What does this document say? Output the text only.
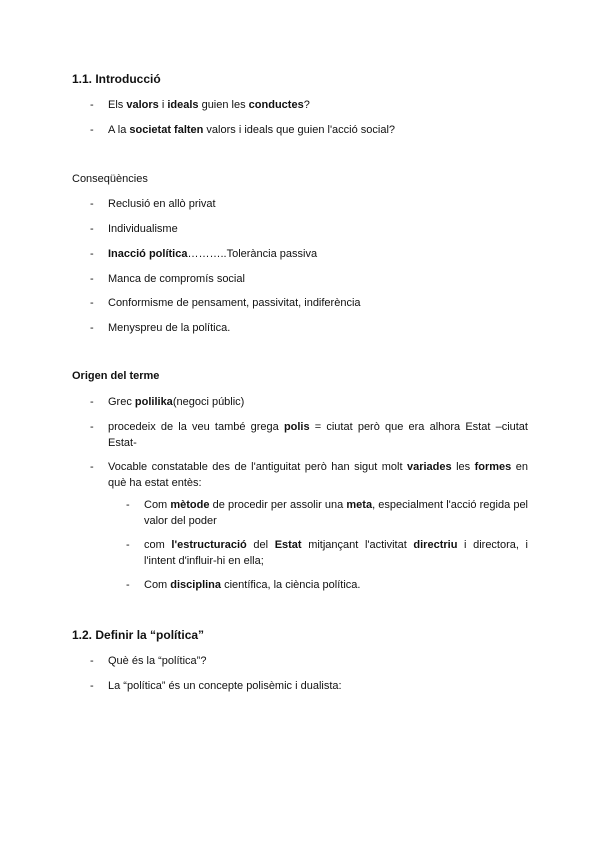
1.1. Introducció
-	Els valors i ideals guien les conductes?
-	A la societat falten valors i ideals que guien l'acció social?

Conseqüències

-	Reclusió en allò privat
-	Individualisme
-	Inacció política………..Tolerància passiva
-	Manca de compromís social
-	Conformisme de pensament, passivitat, indiferència
-	Menyspreu de la política.

Origen del terme

-	Grec polilika(negoci públic)
-	procedeix de la veu també grega polis = ciutat però que era alhora Estat –ciutat Estat-
-	Vocable constatable des de l'antiguitat però han sigut molt variades les formes en què ha estat entès:
-	Com mètode de procedir per assolir una meta, especialment l'acció regida pel valor del poder
-	com l'estructuració del Estat mitjançant l'activitat directriu i directora, i l'intent d'influir-hi en ella;
-	Com disciplina científica, la ciència política.
1.2. Definir la “política”
-	Què és la “política”?
-	La “política” és un concepte polisèmic i dualista:
